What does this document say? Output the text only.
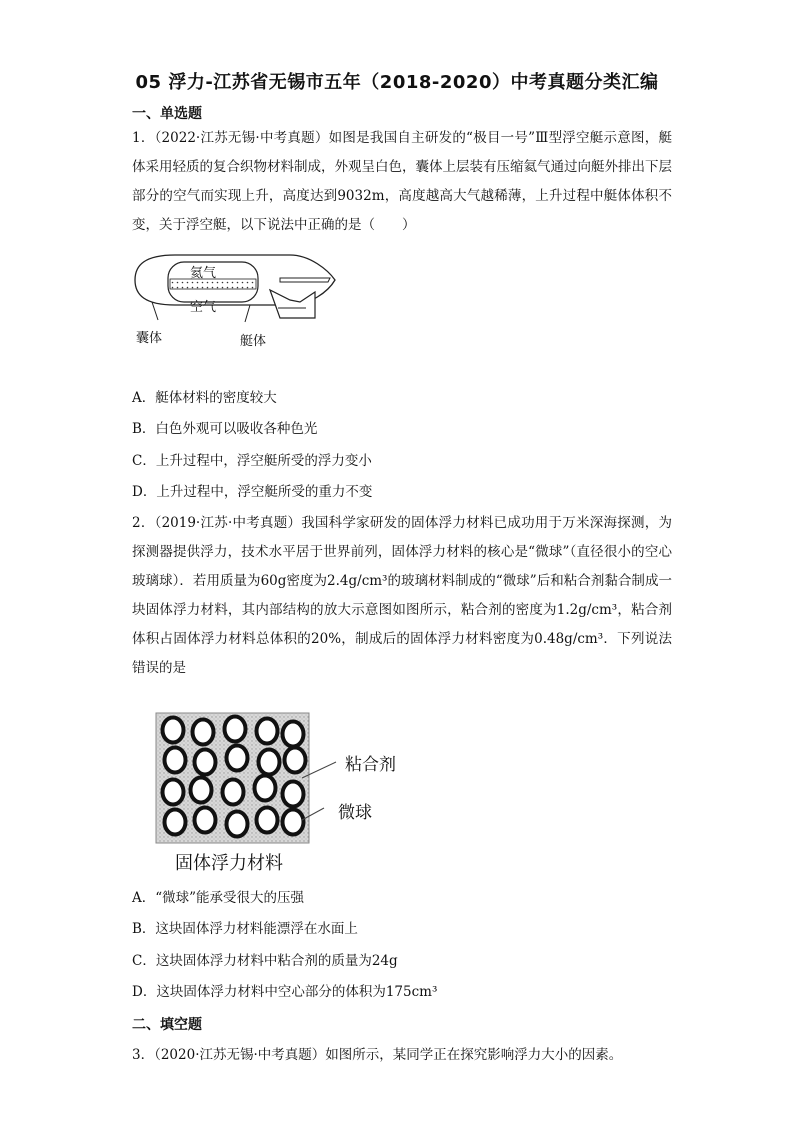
05 浮力-江苏省无锡市五年（2018-2020）中考真题分类汇编
一、单选题
1．（2022·江苏无锡·中考真题）如图是我国自主研发的“极目一号”Ⅲ型浮空艇示意图，艇体采用轻质的复合织物材料制成，外观呈白色，囊体上层装有压缩氦气通过向艇外排出下层部分的空气而实现上升，高度达到9032m，高度越高大气越稀薄，上升过程中艇体体积不变，关于浮空艇，以下说法中正确的是（　　）
氦气
空气
囊体	艇体
A．艇体材料的密度较大
B．白色外观可以吸收各种色光
C．上升过程中，浮空艇所受的浮力变小
D．上升过程中，浮空艇所受的重力不变
2．（2019·江苏·中考真题）我国科学家研发的固体浮力材料已成功用于万米深海探测，为探测器提供浮力，技术水平居于世界前列，固体浮力材料的核心是“微球”（直径很小的空心玻璃球）．若用质量为60g密度为2.4g/cm³的玻璃材料制成的“微球”后和粘合剂黏合制成一块固体浮力材料，其内部结构的放大示意图如图所示，粘合剂的密度为1.2g/cm³，粘合剂体积占固体浮力材料总体积的20%，制成后的固体浮力材料密度为0.48g/cm³．下列说法错误的是
粘合剂
微球
固体浮力材料
A．“微球”能承受很大的压强
B．这块固体浮力材料能漂浮在水面上
C．这块固体浮力材料中粘合剂的质量为24g
D．这块固体浮力材料中空心部分的体积为175cm³
二、填空题
3．（2020·江苏无锡·中考真题）如图所示，某同学正在探究影响浮力大小的因素。
